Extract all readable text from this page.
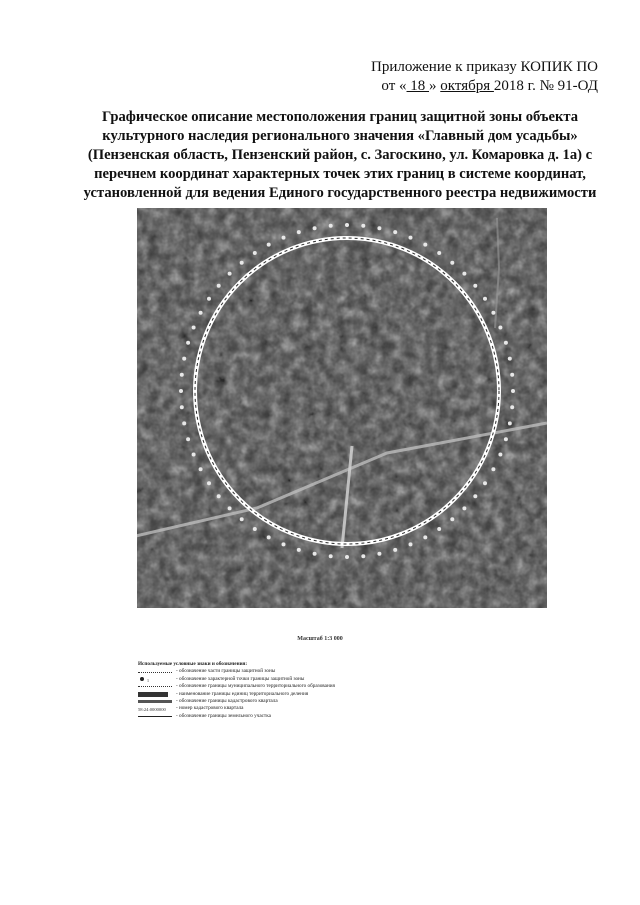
Приложение к приказу КОПИК ПО
от « 18 » октября 2018 г. № 91-ОД
Графическое описание местоположения границ защитной зоны объекта
культурного наследия регионального значения «Главный дом усадьбы»
(Пензенская область, Пензенский район, с. Загоскино, ул. Комаровка д. 1а) с
перечнем координат характерных точек этих границ в системе координат,
установленной для ведения Единого государственного реестра недвижимости
Масштаб 1:3 000
Используемые условные знаки и обозначения:
- обозначение части границы защитной зоны
1	- обозначение характерной точки границы защитной зоны
- обозначение границы муниципального территориального образования
- наименование границы единиц территориального деления
- обозначение границы кадастрового квартала
58:24:0000000	- номер кадастрового квартала
- обозначение границы земельного участка
